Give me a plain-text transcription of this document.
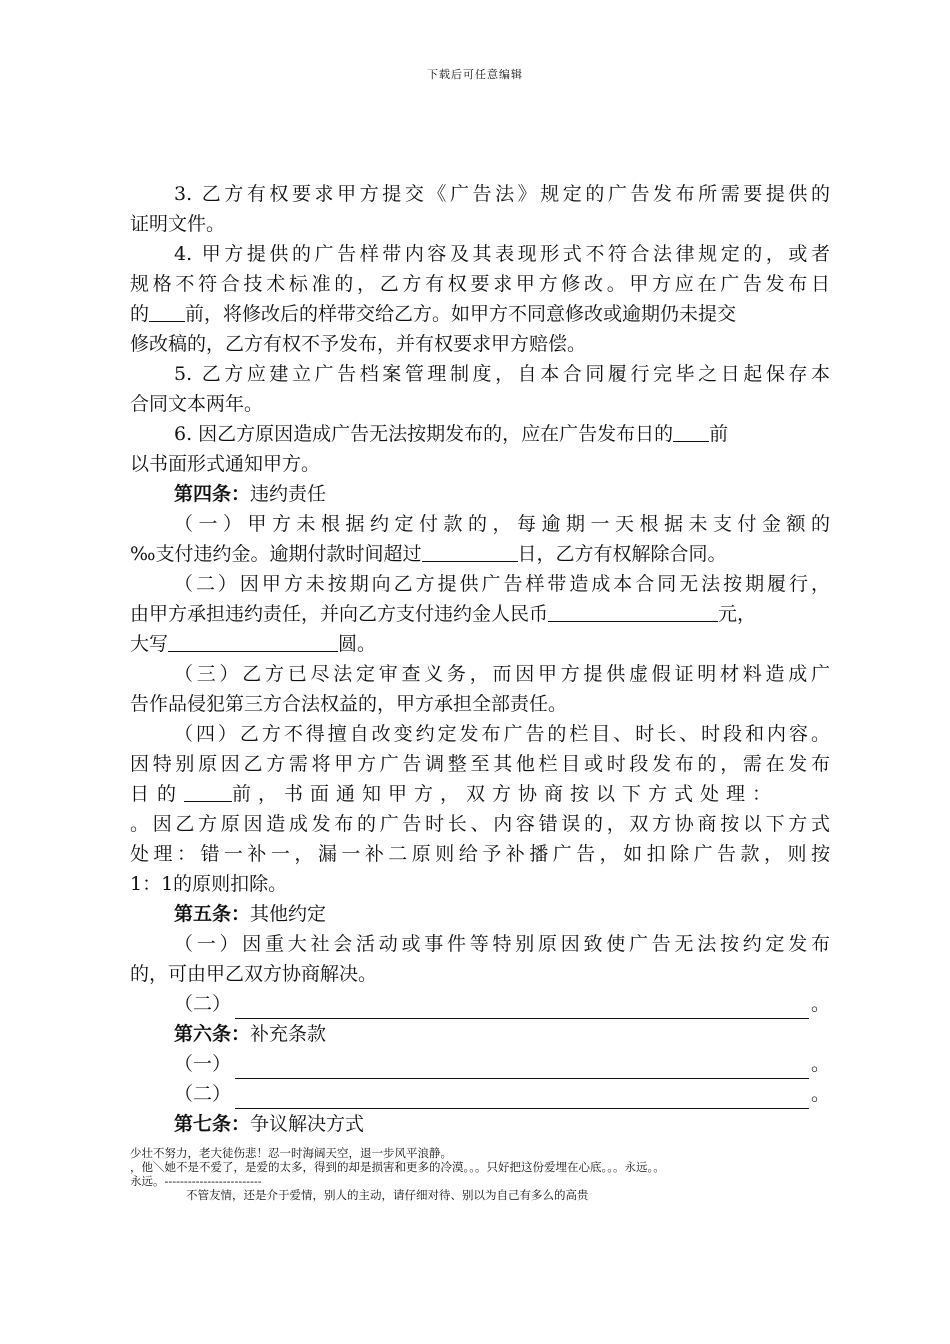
下载后可任意编辑
3. 乙方有权要求甲方提交《广告法》规定的广告发布所需要提供的
证明文件。
4. 甲方提供的广告样带内容及其表现形式不符合法律规定的，或者
规格不符合技术标准的，乙方有权要求甲方修改。甲方应在广告发布日
的 前，将修改后的样带交给乙方。如甲方不同意修改或逾期仍未提交
修改稿的，乙方有权不予发布，并有权要求甲方赔偿。
5. 乙方应建立广告档案管理制度，自本合同履行完毕之日起保存本
合同文本两年。
6. 因乙方原因造成广告无法按期发布的，应在广告发布日的 前
以书面形式通知甲方。
第四条：违约责任
（一）甲方未根据约定付款的，每逾期一天根据未支付金额的
‰支付违约金。逾期付款时间超过	日，乙方有权解除合同。
（二）因甲方未按期向乙方提供广告样带造成本合同无法按期履行，
由甲方承担违约责任，并向乙方支付违约金人民币	元，
大写	圆。
（三）乙方已尽法定审查义务，而因甲方提供虚假证明材料造成广
告作品侵犯第三方合法权益的，甲方承担全部责任。
（四）乙方不得擅自改变约定发布广告的栏目、时长、时段和内容。
因特别原因乙方需将甲方广告调整至其他栏目或时段发布的，需在发布
日的	前，书面通知甲方，双方协商按以下方式处理：
。因乙方原因造成发布的广告时长、内容错误的，双方协商按以下方式
处理：错一补一，漏一补二原则给予补播广告，如扣除广告款，则按
1：1的原则扣除。
第五条：其他约定
（一）因重大社会活动或事件等特别原因致使广告无法按约定发布
的，可由甲乙双方协商解决。
（二）	。
第六条：补充条款
（一）	。
（二）	。
第七条：争议解决方式
少壮不努力，老大徒伤悲！忍一时海阔天空，退一步风平浪静。
，他＼她不是不爱了，是爱的太多，得到的却是损害和更多的冷漠。。。只好把这份爱埋在心底。。。永远。。
永远。-------------------------
不管友情，还是介于爱情，别人的主动，请仔细对待、别以为自己有多么的高贵
